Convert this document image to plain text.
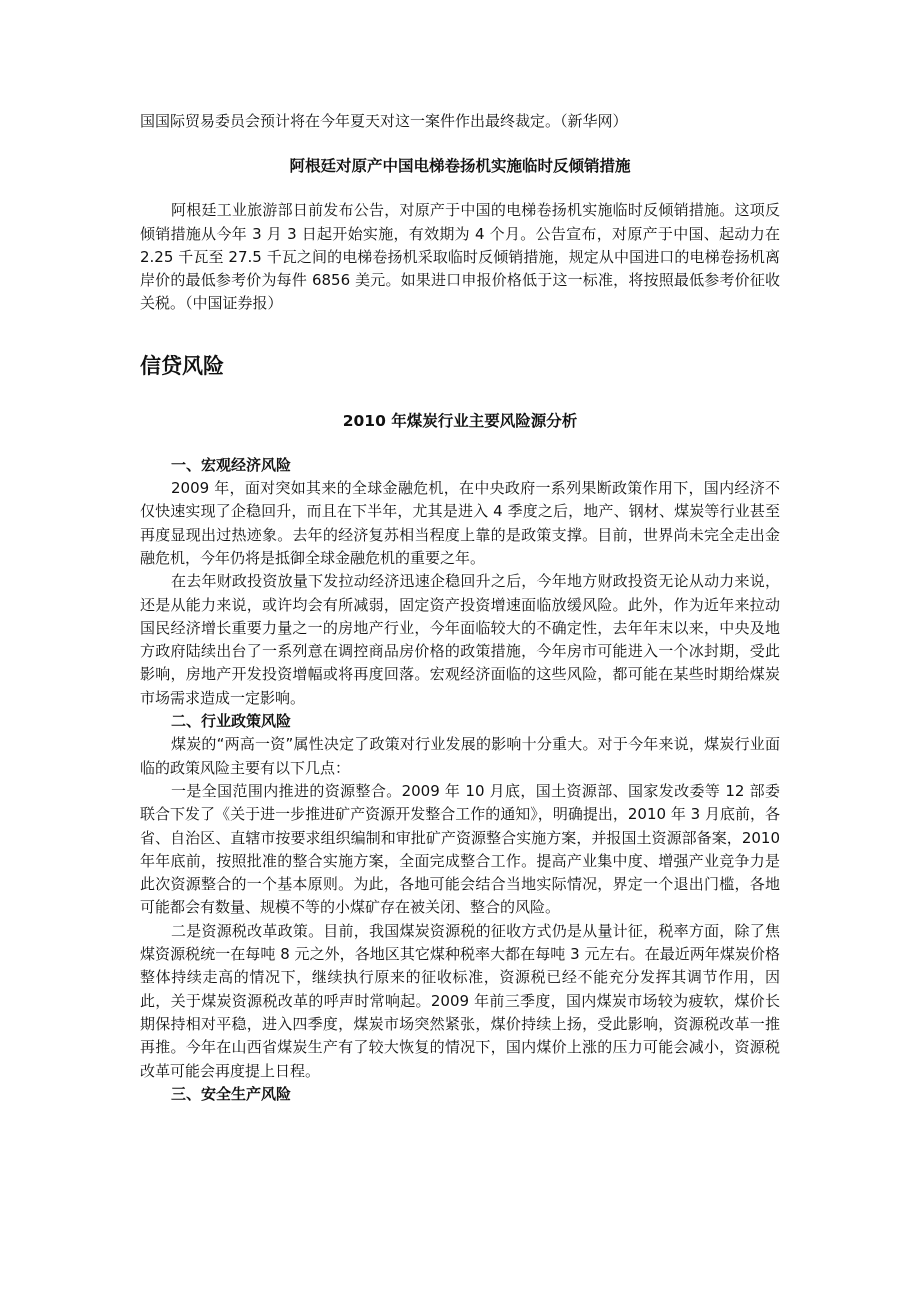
国国际贸易委员会预计将在今年夏天对这一案件作出最终裁定。（新华网）

阿根廷对原产中国电梯卷扬机实施临时反倾销措施

阿根廷工业旅游部日前发布公告，对原产于中国的电梯卷扬机实施临时反倾销措施。这项反倾销措施从今年 3 月 3 日起开始实施，有效期为 4 个月。公告宣布，对原产于中国、起动力在 2.25 千瓦至 27.5 千瓦之间的电梯卷扬机采取临时反倾销措施，规定从中国进口的电梯卷扬机离岸价的最低参考价为每件 6856 美元。如果进口申报价格低于这一标准，将按照最低参考价征收关税。（中国证券报）

信贷风险

2010 年煤炭行业主要风险源分析

一、宏观经济风险

2009 年，面对突如其来的全球金融危机，在中央政府一系列果断政策作用下，国内经济不仅快速实现了企稳回升，而且在下半年，尤其是进入 4 季度之后，地产、钢材、煤炭等行业甚至再度显现出过热迹象。去年的经济复苏相当程度上靠的是政策支撑。目前，世界尚未完全走出金融危机，今年仍将是抵御全球金融危机的重要之年。

在去年财政投资放量下发拉动经济迅速企稳回升之后，今年地方财政投资无论从动力来说，还是从能力来说，或许均会有所减弱，固定资产投资增速面临放缓风险。此外，作为近年来拉动国民经济增长重要力量之一的房地产行业，今年面临较大的不确定性，去年年末以来，中央及地方政府陆续出台了一系列意在调控商品房价格的政策措施，今年房市可能进入一个冰封期，受此影响，房地产开发投资增幅或将再度回落。宏观经济面临的这些风险，都可能在某些时期给煤炭市场需求造成一定影响。

二、行业政策风险

煤炭的“两高一资”属性决定了政策对行业发展的影响十分重大。对于今年来说，煤炭行业面临的政策风险主要有以下几点：

一是全国范围内推进的资源整合。2009 年 10 月底，国土资源部、国家发改委等 12 部委联合下发了《关于进一步推进矿产资源开发整合工作的通知》，明确提出，2010 年 3 月底前，各省、自治区、直辖市按要求组织编制和审批矿产资源整合实施方案，并报国土资源部备案，2010 年年底前，按照批准的整合实施方案，全面完成整合工作。提高产业集中度、增强产业竞争力是此次资源整合的一个基本原则。为此，各地可能会结合当地实际情况，界定一个退出门槛，各地可能都会有数量、规模不等的小煤矿存在被关闭、整合的风险。

二是资源税改革政策。目前，我国煤炭资源税的征收方式仍是从量计征，税率方面，除了焦煤资源税统一在每吨 8 元之外，各地区其它煤种税率大都在每吨 3 元左右。在最近两年煤炭价格整体持续走高的情况下，继续执行原来的征收标准，资源税已经不能充分发挥其调节作用，因此，关于煤炭资源税改革的呼声时常响起。2009 年前三季度，国内煤炭市场较为疲软，煤价长期保持相对平稳，进入四季度，煤炭市场突然紧张，煤价持续上扬，受此影响，资源税改革一推再推。今年在山西省煤炭生产有了较大恢复的情况下，国内煤价上涨的压力可能会减小，资源税改革可能会再度提上日程。

三、安全生产风险
